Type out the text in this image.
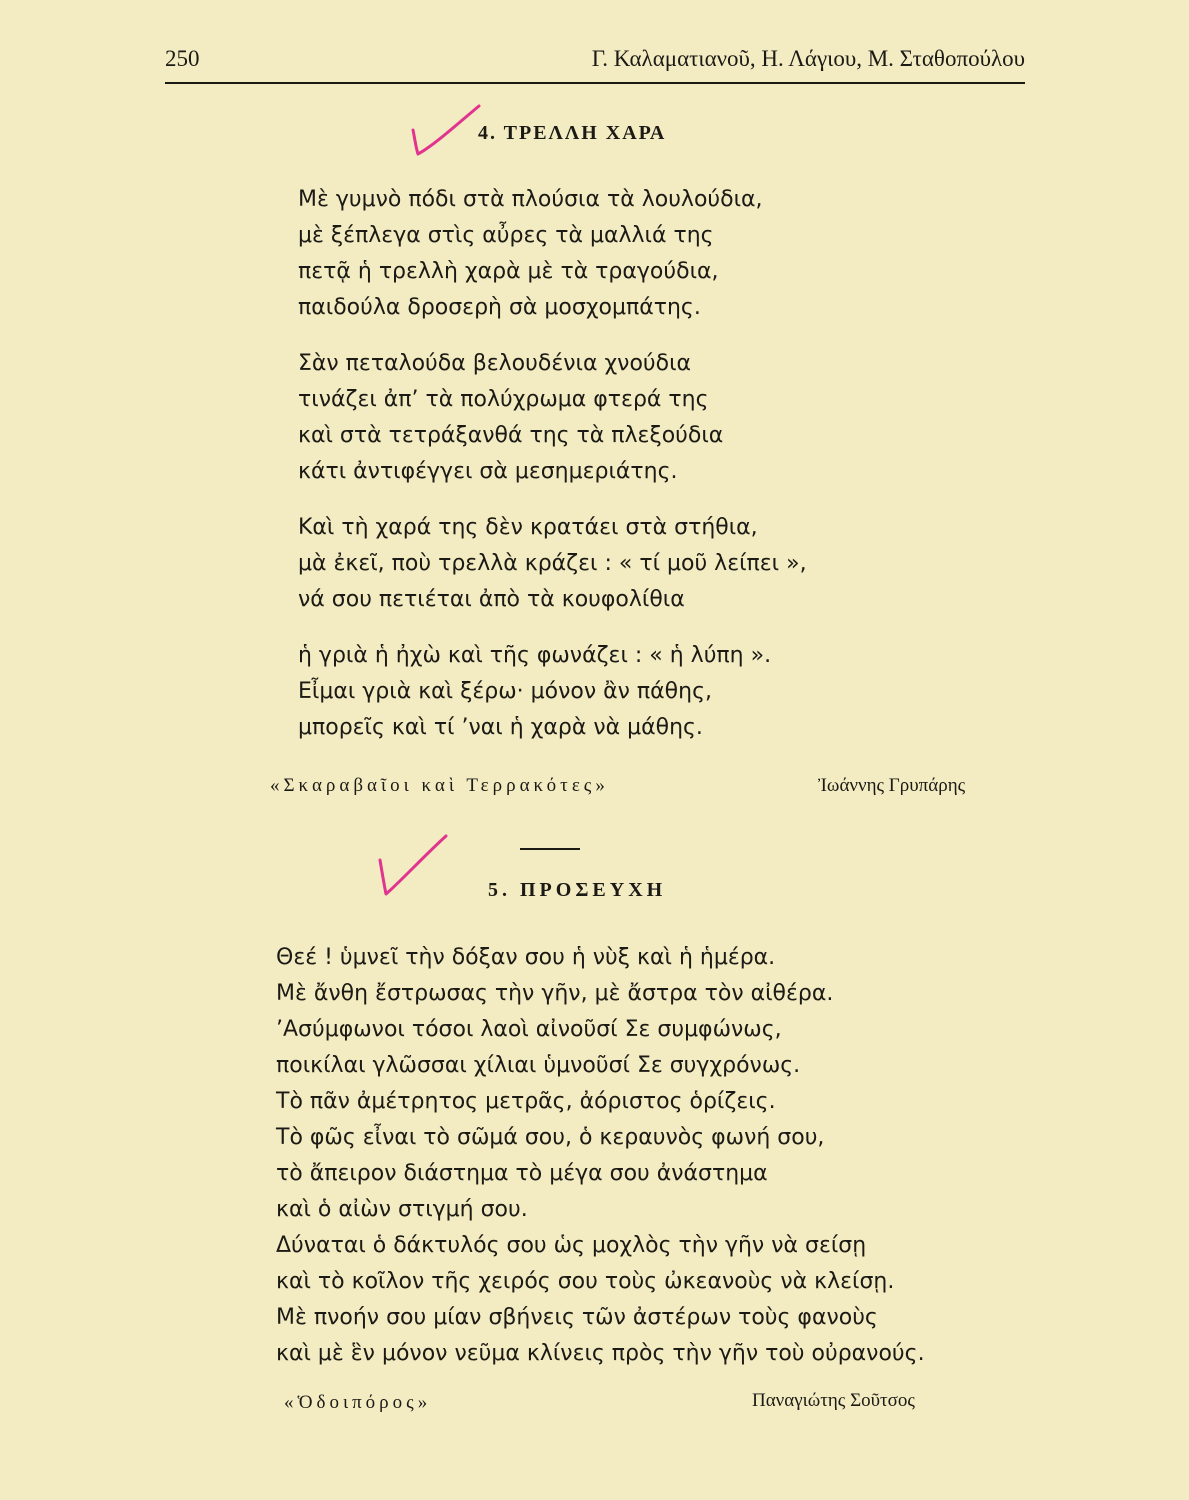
250	Γ. Καλαματιανοῦ, Η. Λάγιου, Μ. Σταθοπούλου
4. ΤΡΕΛΛΗ ΧΑΡΑ
Μὲ γυμνὸ πόδι στὰ πλούσια τὰ λουλούδια,
μὲ ξέπλεγα στὶς αὖρες τὰ μαλλιά της
πετᾷ ἡ τρελλὴ χαρὰ μὲ τὰ τραγούδια,
παιδούλα δροσερὴ σὰ μοσχομπάτης.
Σὰν πεταλούδα βελουδένια χνούδια
τινάζει ἀπ’ τὰ πολύχρωμα φτερά της
καὶ στὰ τετράξανθά της τὰ πλεξούδια
κάτι ἀντιφέγγει σὰ μεσημεριάτης.
Καὶ τὴ χαρά της δὲν κρατάει στὰ στήθια,
μὰ ἐκεῖ, ποὺ τρελλὰ κράζει : « τί μοῦ λείπει »,
νά σου πετιέται ἀπὸ τὰ κουφολίθια
ἡ γριὰ ἡ ἠχὼ καὶ τῆς φωνάζει : « ἡ λύπη ».
Εἶμαι γριὰ καὶ ξέρω· μόνον ἂν πάθης,
μπορεῖς καὶ τί ’ναι ἡ χαρὰ νὰ μάθης.
«Σκαραβαῖοι καὶ Τερρακότες»	Ἰωάννης Γρυπάρης
5. ΠΡΟΣΕΥΧΗ
Θεέ ! ὑμνεῖ τὴν δόξαν σου ἡ νὺξ καὶ ἡ ἡμέρα.
Μὲ ἄνθη ἔστρωσας τὴν γῆν, μὲ ἄστρα τὸν αἰθέρα.
’Ασύμφωνοι τόσοι λαοὶ αἰνοῦσί Σε συμφώνως,
ποικίλαι γλῶσσαι χίλιαι ὑμνοῦσί Σε συγχρόνως.
Τὸ πᾶν ἀμέτρητος μετρᾶς, ἀόριστος ὁρίζεις.
Τὸ φῶς εἶναι τὸ σῶμά σου, ὁ κεραυνὸς φωνή σου,
τὸ ἄπειρον διάστημα τὸ μέγα σου ἀνάστημα
καὶ ὁ αἰὼν στιγμή σου.
Δύναται ὁ δάκτυλός σου ὡς μοχλὸς τὴν γῆν νὰ σείσῃ
καὶ τὸ κοῖλον τῆς χειρός σου τοὺς ὠκεανοὺς νὰ κλείσῃ.
Μὲ πνοήν σου μίαν σβήνεις τῶν ἀστέρων τοὺς φανοὺς
καὶ μὲ ἓν μόνον νεῦμα κλίνεις πρὸς τὴν γῆν τοὺ οὐρανούς.
«Ὁδοιπόρος»	Παναγιώτης Σοῦτσος
